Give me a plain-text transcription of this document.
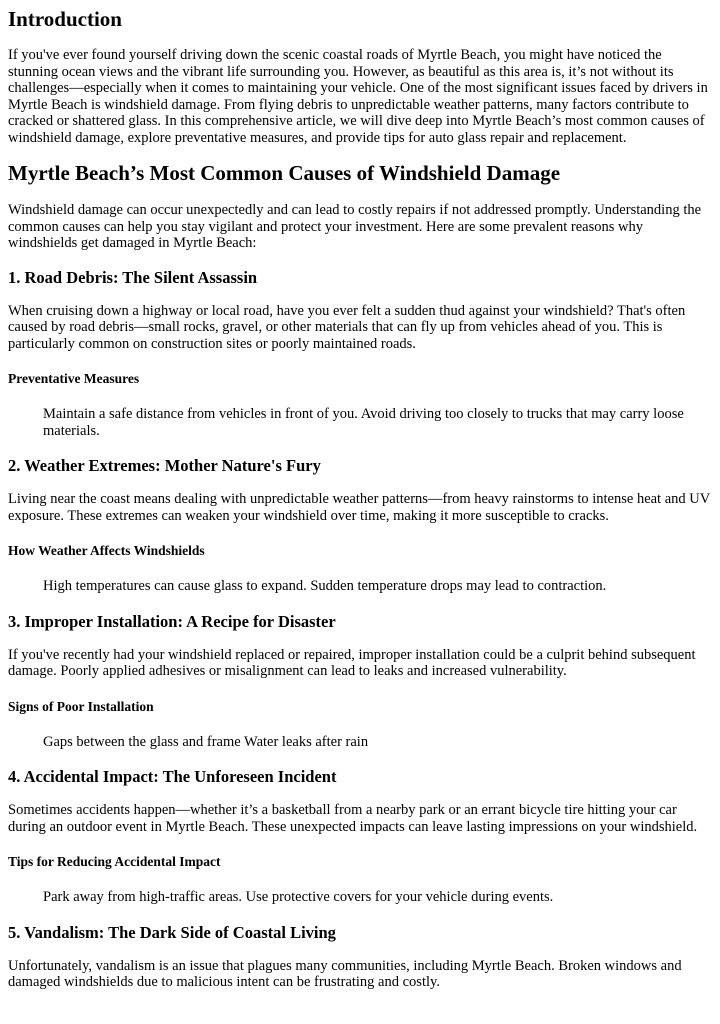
Introduction

If you've ever found yourself driving down the scenic coastal roads of Myrtle Beach, you might have noticed the stunning ocean views and the vibrant life surrounding you. However, as beautiful as this area is, it’s not without its challenges—especially when it comes to maintaining your vehicle. One of the most significant issues faced by drivers in Myrtle Beach is windshield damage. From flying debris to unpredictable weather patterns, many factors contribute to cracked or shattered glass. In this comprehensive article, we will dive deep into Myrtle Beach’s most common causes of windshield damage, explore preventative measures, and provide tips for auto glass repair and replacement.

Myrtle Beach’s Most Common Causes of Windshield Damage

Windshield damage can occur unexpectedly and can lead to costly repairs if not addressed promptly. Understanding the common causes can help you stay vigilant and protect your investment. Here are some prevalent reasons why windshields get damaged in Myrtle Beach:

1. Road Debris: The Silent Assassin

When cruising down a highway or local road, have you ever felt a sudden thud against your windshield? That's often caused by road debris—small rocks, gravel, or other materials that can fly up from vehicles ahead of you. This is particularly common on construction sites or poorly maintained roads.

Preventative Measures
Maintain a safe distance from vehicles in front of you. Avoid driving too closely to trucks that may carry loose materials.
2. Weather Extremes: Mother Nature's Fury

Living near the coast means dealing with unpredictable weather patterns—from heavy rainstorms to intense heat and UV exposure. These extremes can weaken your windshield over time, making it more susceptible to cracks.

How Weather Affects Windshields
High temperatures can cause glass to expand. Sudden temperature drops may lead to contraction.
3. Improper Installation: A Recipe for Disaster

If you've recently had your windshield replaced or repaired, improper installation could be a culprit behind subsequent damage. Poorly applied adhesives or misalignment can lead to leaks and increased vulnerability.

Signs of Poor Installation
Gaps between the glass and frame Water leaks after rain
4. Accidental Impact: The Unforeseen Incident

Sometimes accidents happen—whether it’s a basketball from a nearby park or an errant bicycle tire hitting your car during an outdoor event in Myrtle Beach. These unexpected impacts can leave lasting impressions on your windshield.

Tips for Reducing Accidental Impact
Park away from high-traffic areas. Use protective covers for your vehicle during events.
5. Vandalism: The Dark Side of Coastal Living

Unfortunately, vandalism is an issue that plagues many communities, including Myrtle Beach. Broken windows and damaged windshields due to malicious intent can be frustrating and costly.
